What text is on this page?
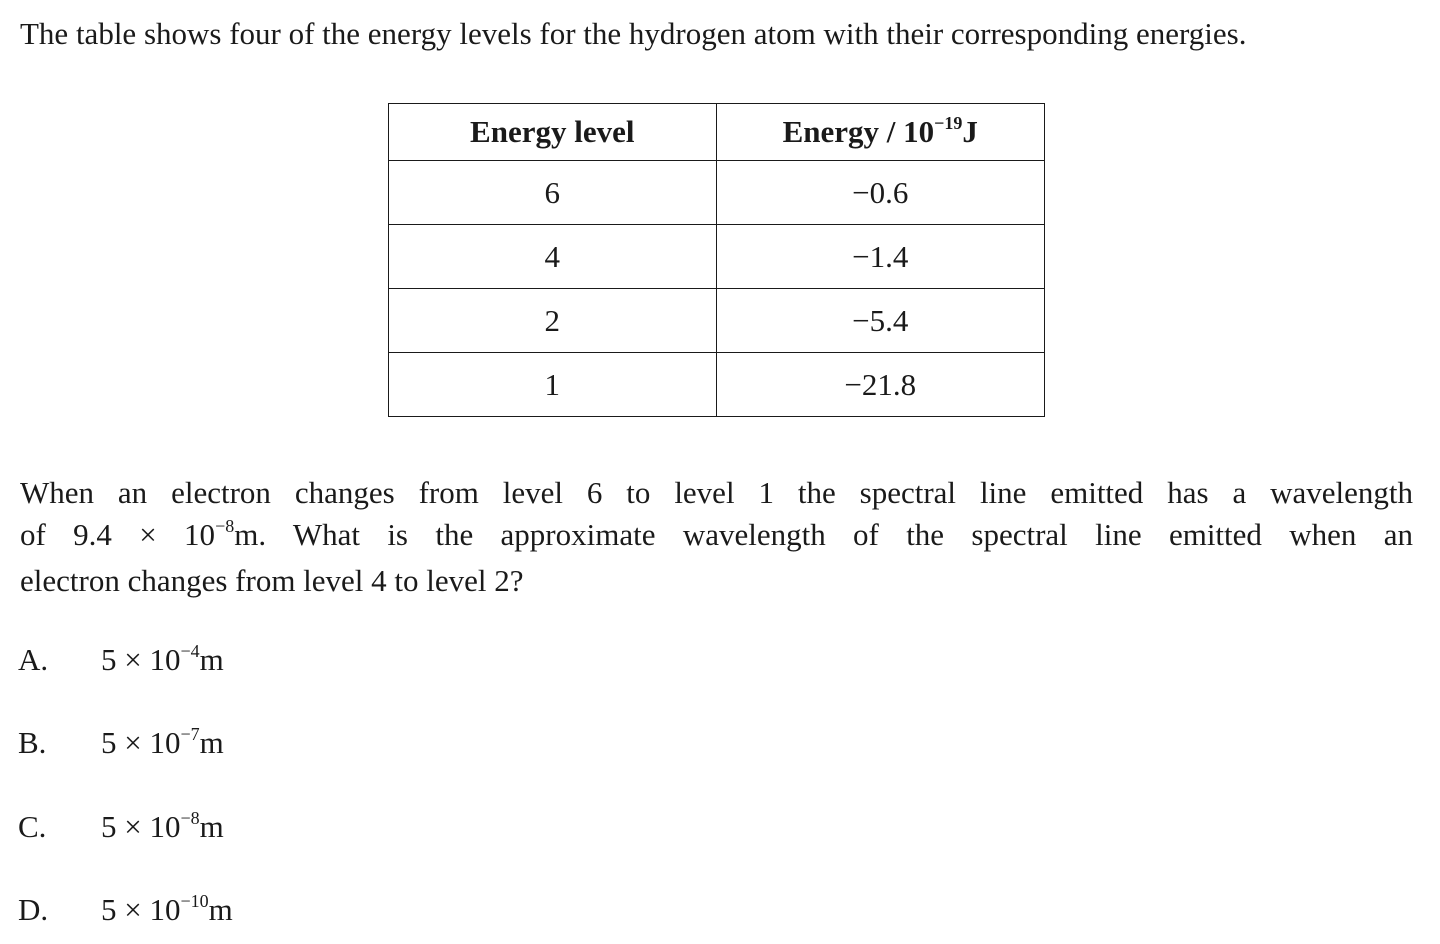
The table shows four of the energy levels for the hydrogen atom with their corresponding energies.
Energy level	Energy / $10^{-19}J$
6	−0.6
4	−1.4
2	−5.4
1	−21.8
When an electron changes from level 6 to level 1 the spectral line emitted has a wavelength
of $9.4 \times 10^{-8}m$. What is the approximate wavelength of the spectral line emitted when an
electron changes from level 4 to level 2?
A. $5 \times 10^{-4}m$
B. $5 \times 10^{-7}m$
C. $5 \times 10^{-8}m$
D. $5 \times 10^{-10}m$
